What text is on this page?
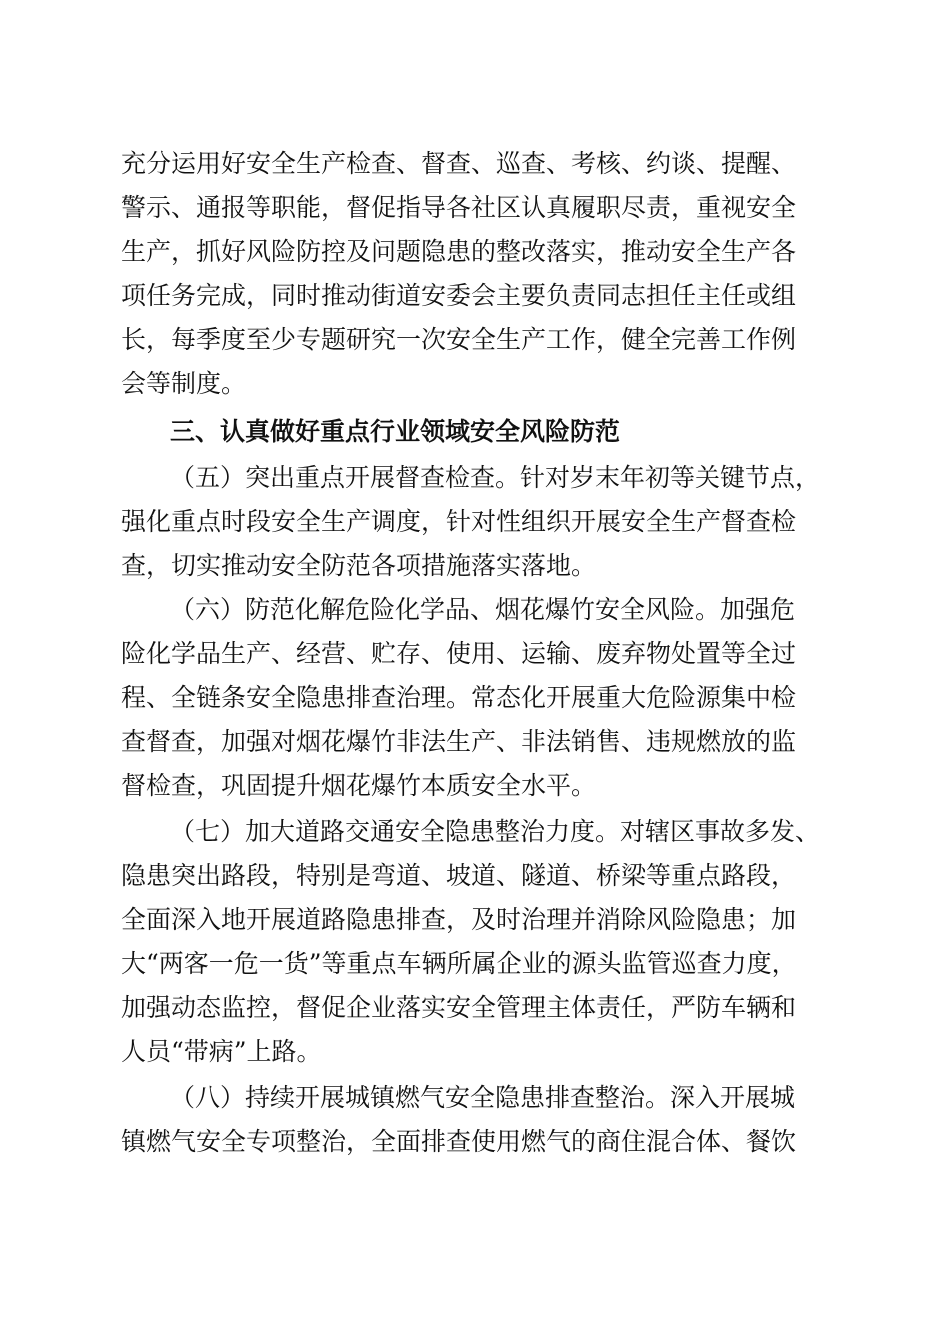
充分运用好安全生产检查、督查、巡查、考核、约谈、提醒、
警示、通报等职能，督促指导各社区认真履职尽责，重视安全
生产，抓好风险防控及问题隐患的整改落实，推动安全生产各
项任务完成，同时推动街道安委会主要负责同志担任主任或组
长，每季度至少专题研究一次安全生产工作，健全完善工作例
会等制度。
三、认真做好重点行业领域安全风险防范
（五）突出重点开展督查检查。针对岁末年初等关键节点，
强化重点时段安全生产调度，针对性组织开展安全生产督查检
查，切实推动安全防范各项措施落实落地。
（六）防范化解危险化学品、烟花爆竹安全风险。加强危
险化学品生产、经营、贮存、使用、运输、废弃物处置等全过
程、全链条安全隐患排查治理。常态化开展重大危险源集中检
查督查，加强对烟花爆竹非法生产、非法销售、违规燃放的监
督检查，巩固提升烟花爆竹本质安全水平。
（七）加大道路交通安全隐患整治力度。对辖区事故多发、
隐患突出路段，特别是弯道、坡道、隧道、桥梁等重点路段，
全面深入地开展道路隐患排查，及时治理并消除风险隐患；加
大“两客一危一货”等重点车辆所属企业的源头监管巡查力度，
加强动态监控，督促企业落实安全管理主体责任，严防车辆和
人员“带病”上路。
（八）持续开展城镇燃气安全隐患排查整治。深入开展城
镇燃气安全专项整治，全面排查使用燃气的商住混合体、餐饮
